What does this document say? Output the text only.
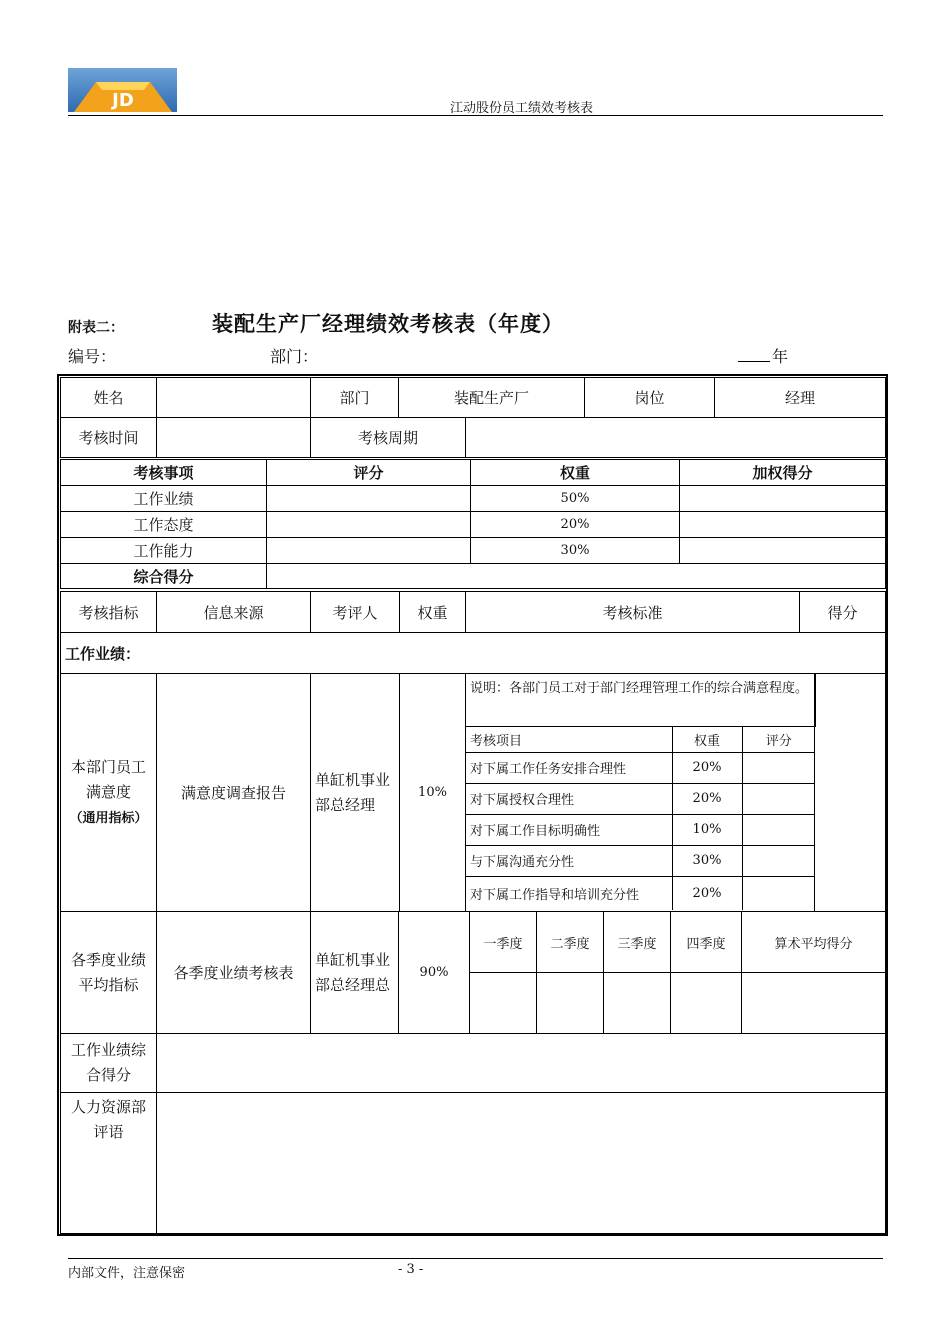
JD	江动股份员工绩效考核表
附表二：	装配生产厂经理绩效考核表（年度）
编号：	部门：	年
姓名		部门	装配生产厂	岗位	经理
考核时间		考核周期	
考核事项	评分	权重	加权得分
工作业绩		50%	
工作态度		20%	
工作能力		30%	
综合得分			
考核指标	信息来源	考评人	权重	考核标准	得分
工作业绩：
本部门员工满意度
（通用指标）	满意度调查报告	单缸机事业部总经理	10%	
说明：各部门员工对于部门经理管理工作的综合满意程度。
考核项目	权重	评分
对下属工作任务安排合理性	20%	
对下属授权合理性	20%	
对下属工作目标明确性	10%	
与下属沟通充分性	30%	
对下属工作指导和培训充分性	20%	

各季度业绩平均指标	各季度业绩考核表	单缸机事业部总经理总	90%	一季度	二季度	三季度	四季度	算术平均得分

工作业绩综合得分	
人力资源部评语	
内部文件，注意保密	- 3 -
